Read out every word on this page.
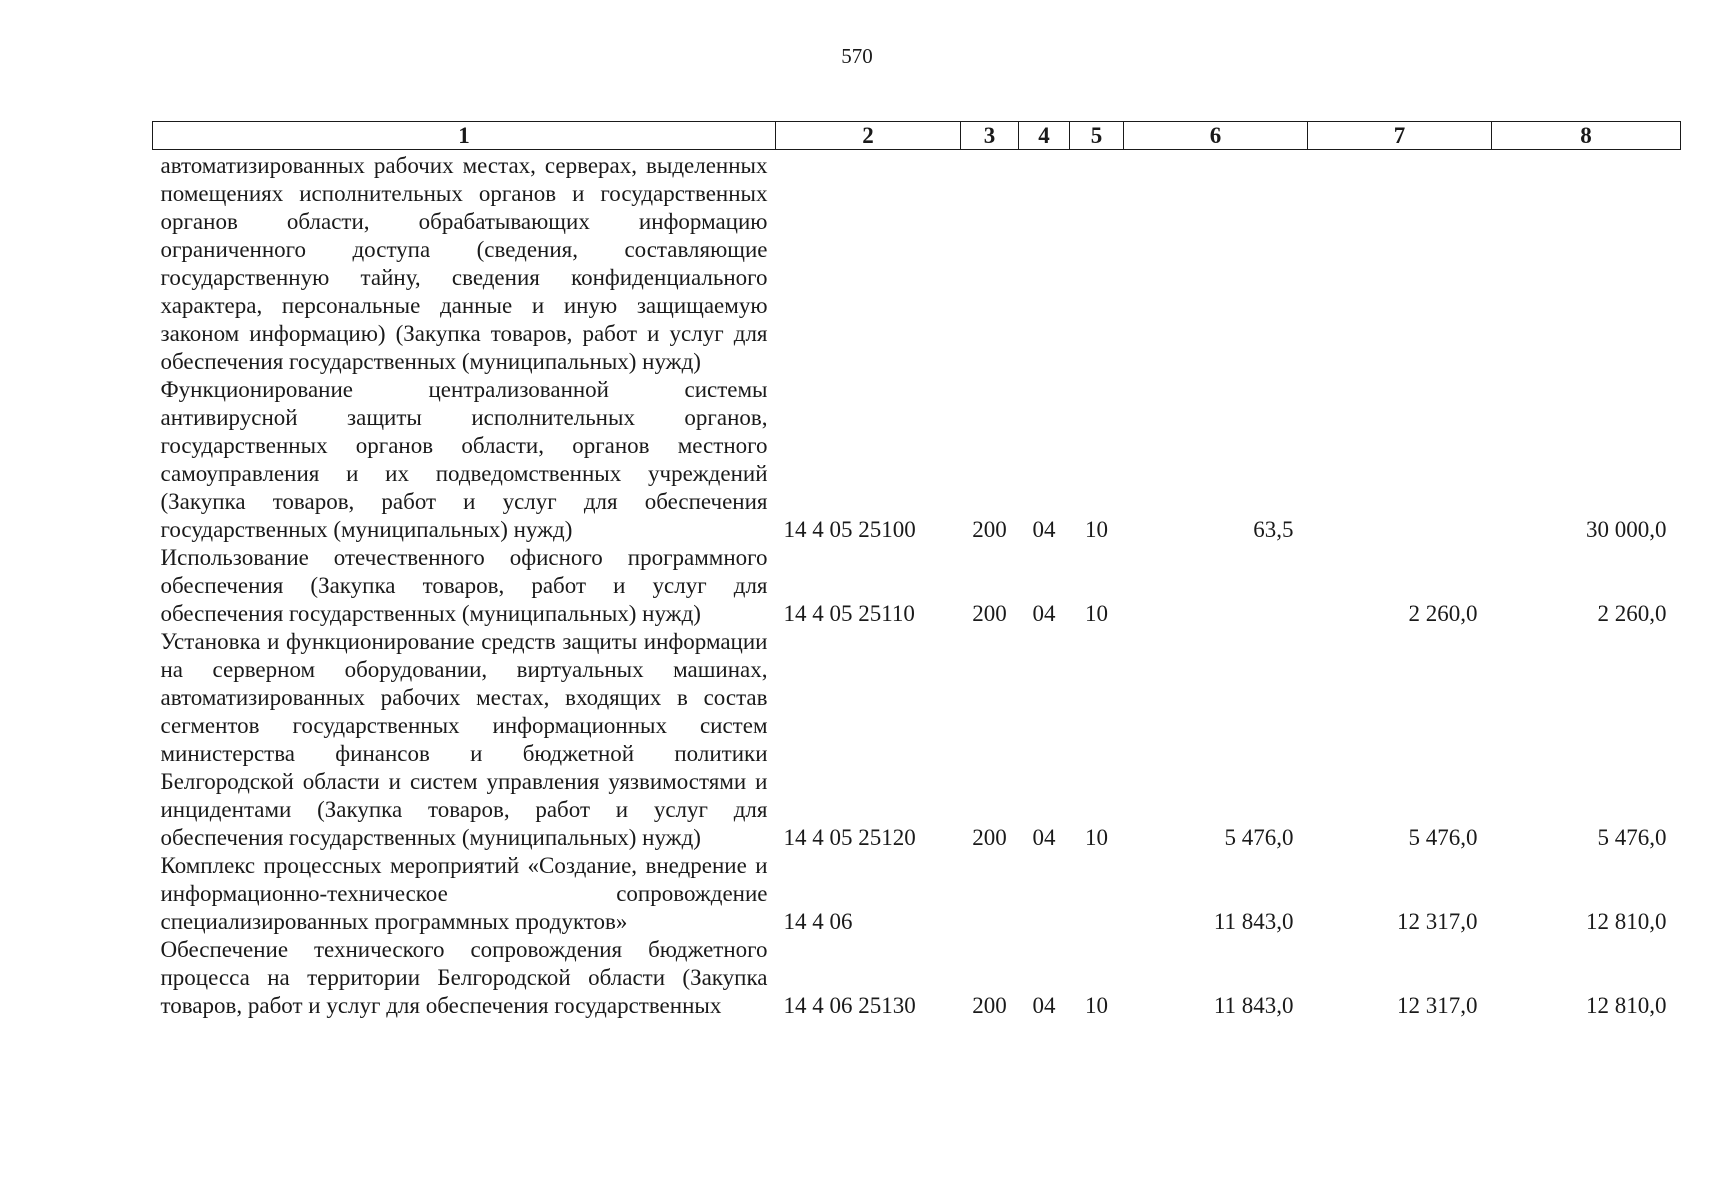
570
1	2	3	4	5	6	7	8
автоматизированных рабочих местах, серверах, выделенных помещениях исполнительных органов и государственных органов области, обрабатывающих информацию ограниченного доступа (сведения, составляющие государственную тайну, сведения конфиденциального характера, персональные данные и иную защищаемую законом информацию) (Закупка товаров, работ и услуг для обеспечения государственных (муниципальных) нужд)							
Функционирование централизованной системы антивирусной защиты исполнительных органов, государственных органов области, органов местного самоуправления и их подведомственных учреждений (Закупка товаров, работ и услуг для обеспечения государственных (муниципальных) нужд)	14 4 05 25100	200	04	10	63,5		30 000,0
Использование отечественного офисного программного обеспечения (Закупка товаров, работ и услуг для обеспечения государственных (муниципальных) нужд)	14 4 05 25110	200	04	10		2 260,0	2 260,0
Установка и функционирование средств защиты информации на серверном оборудовании, виртуальных машинах, автоматизированных рабочих местах, входящих в состав сегментов государственных информационных систем министерства финансов и бюджетной политики Белгородской области и систем управления уязвимостями и инцидентами (Закупка товаров, работ и услуг для обеспечения государственных (муниципальных) нужд)	14 4 05 25120	200	04	10	5 476,0	5 476,0	5 476,0
Комплекс процессных мероприятий «Создание, внедрение и информационно-техническое сопровождение специализированных программных продуктов»	14 4 06				11 843,0	12 317,0	12 810,0
Обеспечение технического сопровождения бюджетного процесса на территории Белгородской области (Закупка товаров, работ и услуг для обеспечения государственных	14 4 06 25130	200	04	10	11 843,0	12 317,0	12 810,0
